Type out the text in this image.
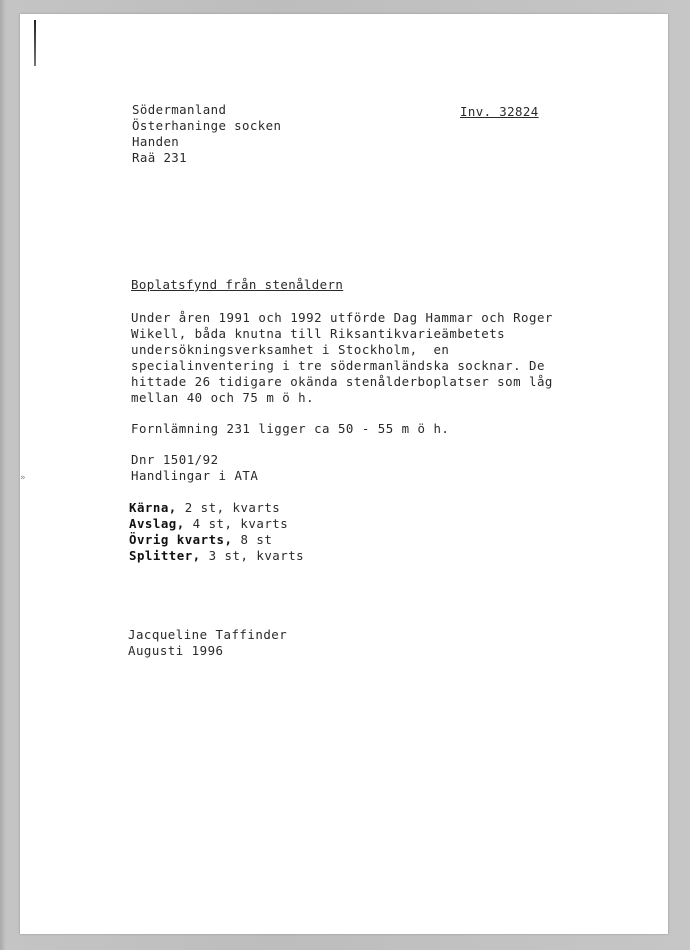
»
Södermanland
Österhaninge socken
Handen
Raä 231
Inv. 32824
Boplatsfynd från stenåldern
Under åren 1991 och 1992 utförde Dag Hammar och Roger
Wikell, båda knutna till Riksantikvarieämbetets
undersökningsverksamhet i Stockholm,  en
specialinventering i tre södermanländska socknar. De
hittade 26 tidigare okända stenålderboplatser som låg
mellan 40 och 75 m ö h.
Fornlämning 231 ligger ca 50 - 55 m ö h.
Dnr 1501/92
Handlingar i ATA
Kärna, 2 st, kvarts
Avslag, 4 st, kvarts
Övrig kvarts, 8 st
Splitter, 3 st, kvarts
Jacqueline Taffinder
Augusti 1996
